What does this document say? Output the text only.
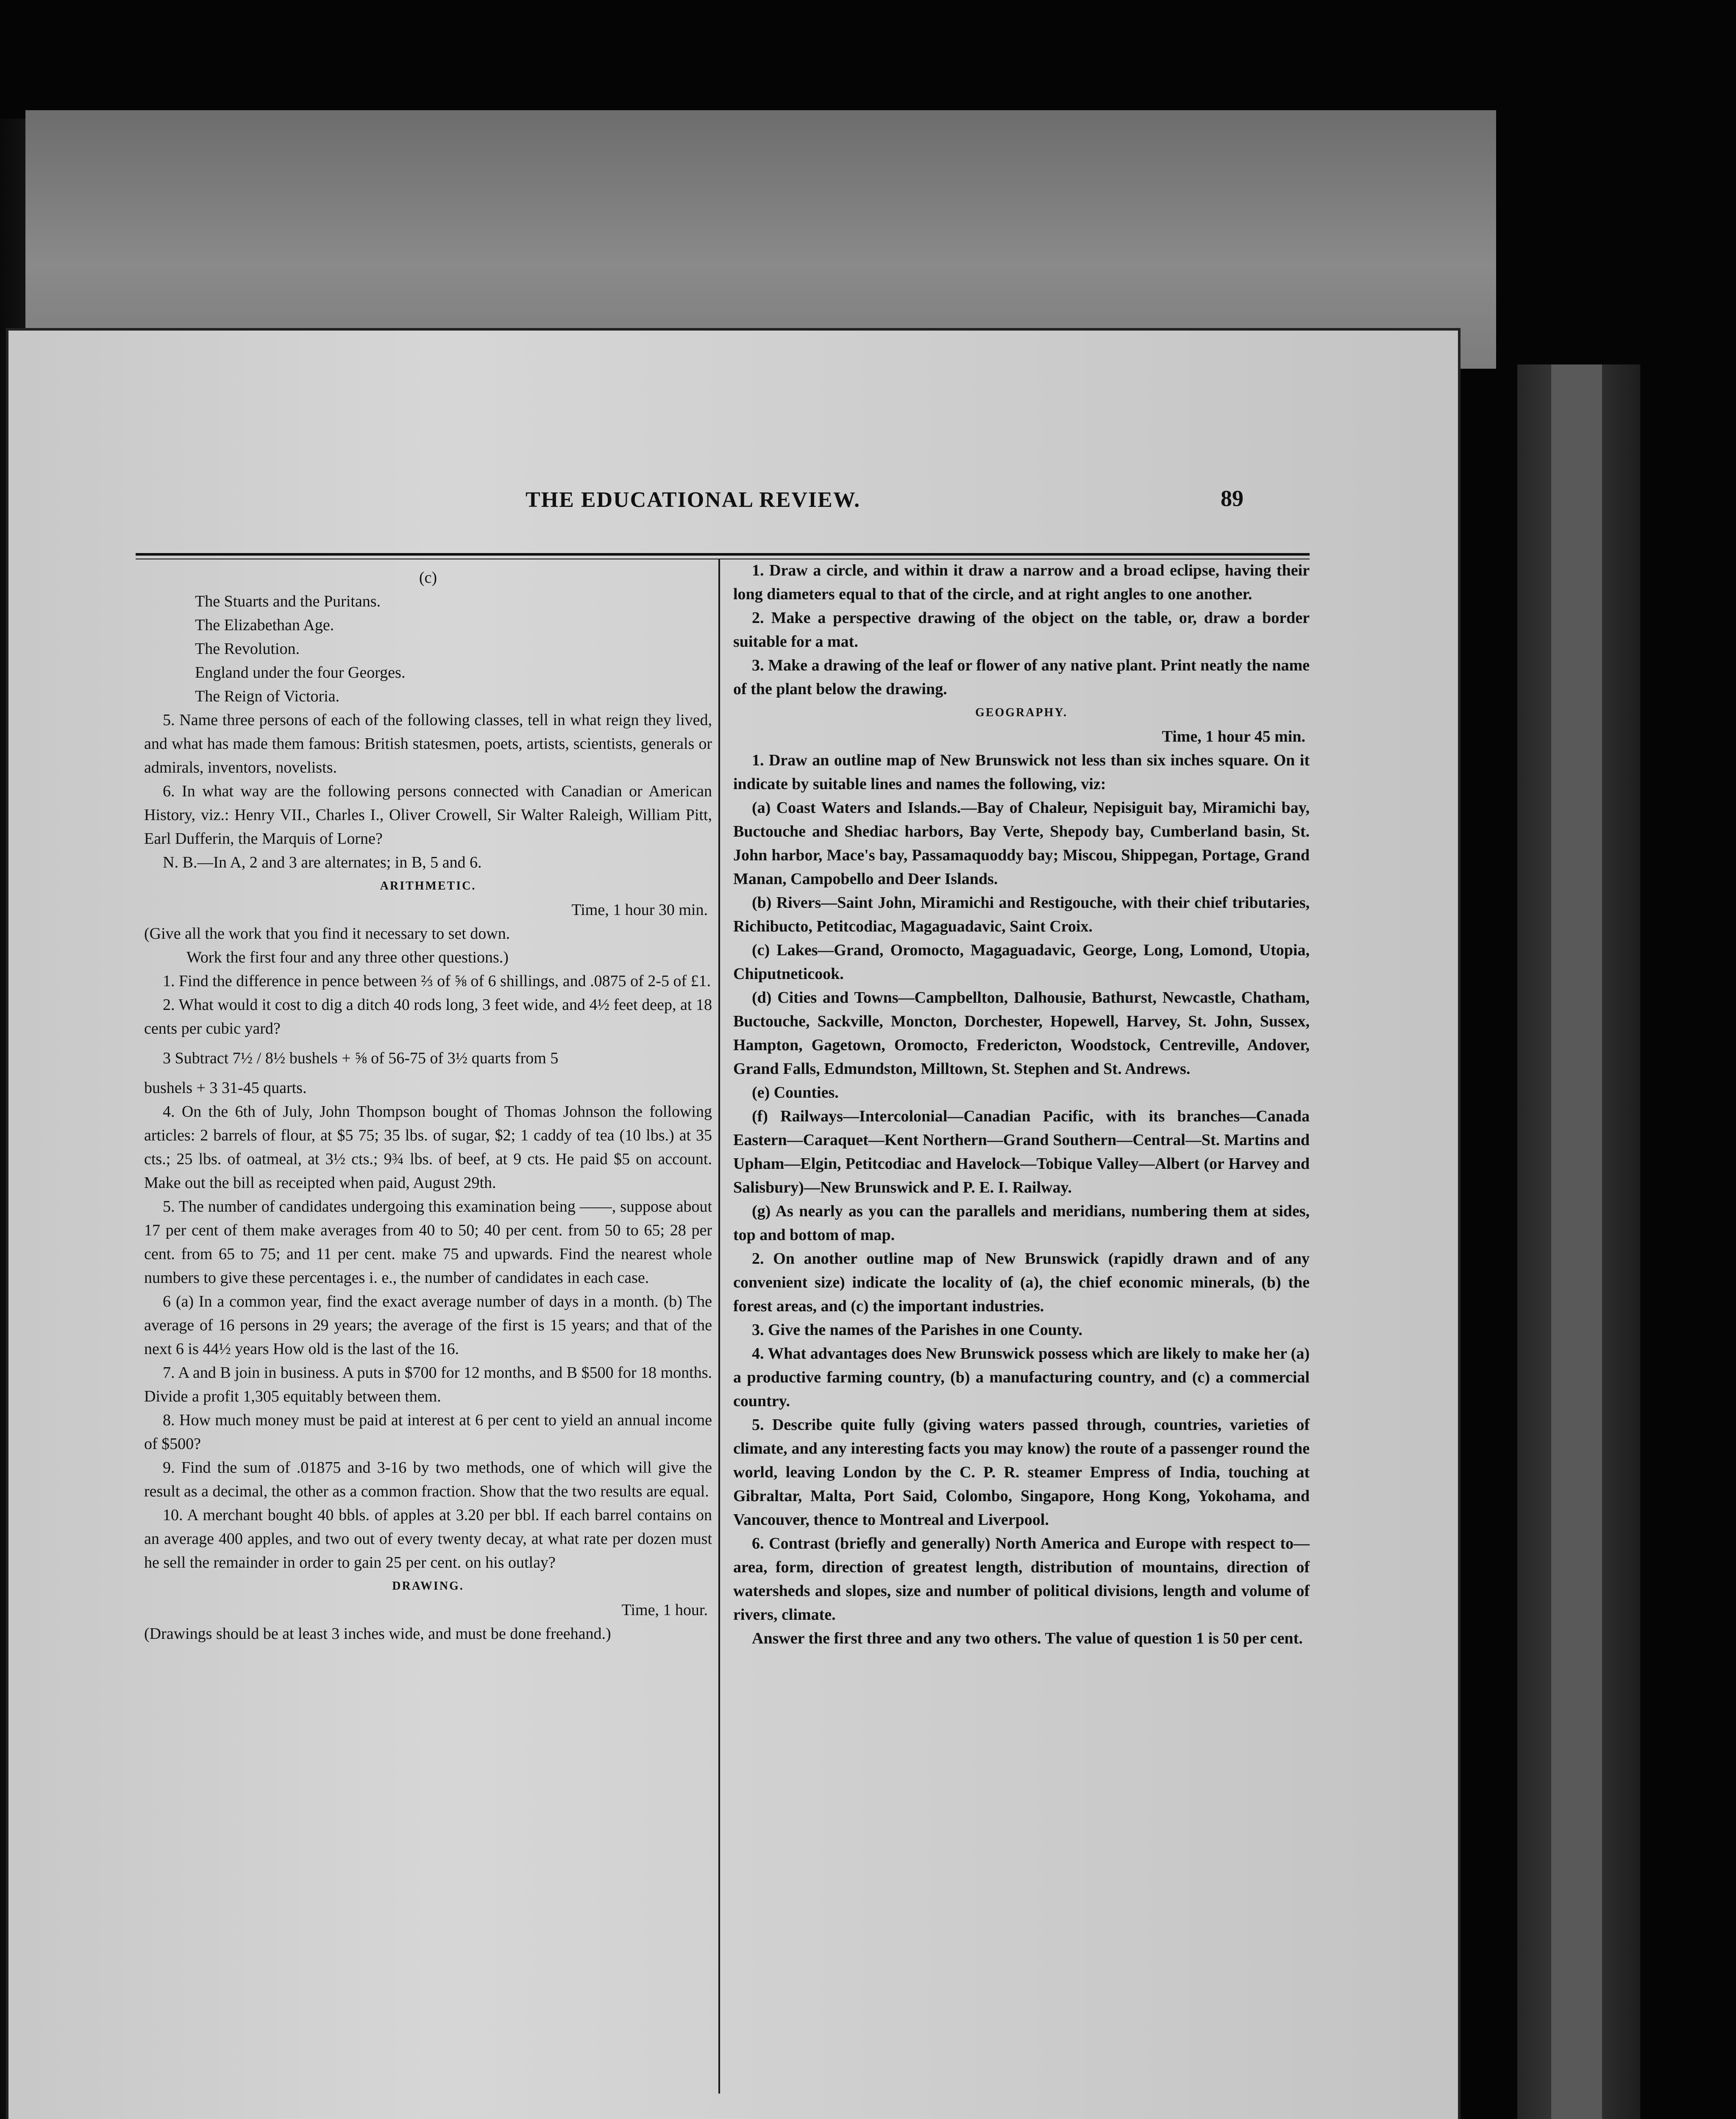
THE EDUCATIONAL REVIEW.	89

(c)

The Stuarts and the Puritans.

The Elizabethan Age.

The Revolution.

England under the four Georges.

The Reign of Victoria.

5. Name three persons of each of the following classes, tell in what reign they lived, and what has made them famous: British statesmen, poets, artists, scientists, generals or admirals, inventors, novelists.

6. In what way are the following persons connected with Canadian or American History, viz.: Henry VII., Charles I., Oliver Crowell, Sir Walter Raleigh, William Pitt, Earl Dufferin, the Marquis of Lorne?

N. B.—In A, 2 and 3 are alternates; in B, 5 and 6.

ARITHMETIC.

Time, 1 hour 30 min.

(Give all the work that you find it necessary to set down.

Work the first four and any three other questions.)

1. Find the difference in pence between ⅔ of ⅝ of 6 shillings, and .0875 of 2-5 of £1.

2. What would it cost to dig a ditch 40 rods long, 3 feet wide, and 4½ feet deep, at 18 cents per cubic yard?

3 Subtract 7½ / 8½ bushels + ⅝ of 56-75 of 3½ quarts from 5

bushels + 3 31-45 quarts.

4. On the 6th of July, John Thompson bought of Thomas Johnson the following articles: 2 barrels of flour, at $5 75; 35 lbs. of sugar, $2; 1 caddy of tea (10 lbs.) at 35 cts.; 25 lbs. of oatmeal, at 3½ cts.; 9¾ lbs. of beef, at 9 cts. He paid $5 on account. Make out the bill as receipted when paid, August 29th.

5. The number of candidates undergoing this examination being ——, suppose about 17 per cent of them make averages from 40 to 50; 40 per cent. from 50 to 65; 28 per cent. from 65 to 75; and 11 per cent. make 75 and upwards. Find the nearest whole numbers to give these percentages i. e., the number of candidates in each case.

6 (a) In a common year, find the exact average number of days in a month. (b) The average of 16 persons in 29 years; the average of the first is 15 years; and that of the next 6 is 44½ years How old is the last of the 16.

7. A and B join in business. A puts in $700 for 12 months, and B $500 for 18 months. Divide a profit 1,305 equitably between them.

8. How much money must be paid at interest at 6 per cent to yield an annual income of $500?

9. Find the sum of .01875 and 3-16 by two methods, one of which will give the result as a decimal, the other as a common fraction. Show that the two results are equal.

10. A merchant bought 40 bbls. of apples at 3.20 per bbl. If each barrel contains on an average 400 apples, and two out of every twenty decay, at what rate per dozen must he sell the remainder in order to gain 25 per cent. on his outlay?

DRAWING.

Time, 1 hour.

(Drawings should be at least 3 inches wide, and must be done freehand.)

1. Draw a circle, and within it draw a narrow and a broad eclipse, having their long diameters equal to that of the circle, and at right angles to one another.

2. Make a perspective drawing of the object on the table, or, draw a border suitable for a mat.

3. Make a drawing of the leaf or flower of any native plant. Print neatly the name of the plant below the drawing.

GEOGRAPHY.

Time, 1 hour 45 min.

1. Draw an outline map of New Brunswick not less than six inches square. On it indicate by suitable lines and names the following, viz:

(a) Coast Waters and Islands.—Bay of Chaleur, Nepisiguit bay, Miramichi bay, Buctouche and Shediac harbors, Bay Verte, Shepody bay, Cumberland basin, St. John harbor, Mace's bay, Passamaquoddy bay; Miscou, Shippegan, Portage, Grand Manan, Campobello and Deer Islands.

(b) Rivers—Saint John, Miramichi and Restigouche, with their chief tributaries, Richibucto, Petitcodiac, Magaguadavic, Saint Croix.

(c) Lakes—Grand, Oromocto, Magaguadavic, George, Long, Lomond, Utopia, Chiputneticook.

(d) Cities and Towns—Campbellton, Dalhousie, Bathurst, Newcastle, Chatham, Buctouche, Sackville, Moncton, Dorchester, Hopewell, Harvey, St. John, Sussex, Hampton, Gagetown, Oromocto, Fredericton, Woodstock, Centreville, Andover, Grand Falls, Edmundston, Milltown, St. Stephen and St. Andrews.

(e) Counties.

(f) Railways—Intercolonial—Canadian Pacific, with its branches—Canada Eastern—Caraquet—Kent Northern—Grand Southern—Central—St. Martins and Upham—Elgin, Petitcodiac and Havelock—Tobique Valley—Albert (or Harvey and Salisbury)—New Brunswick and P. E. I. Railway.

(g) As nearly as you can the parallels and meridians, numbering them at sides, top and bottom of map.

2. On another outline map of New Brunswick (rapidly drawn and of any convenient size) indicate the locality of (a), the chief economic minerals, (b) the forest areas, and (c) the important industries.

3. Give the names of the Parishes in one County.

4. What advantages does New Brunswick possess which are likely to make her (a) a productive farming country, (b) a manufacturing country, and (c) a commercial country.

5. Describe quite fully (giving waters passed through, countries, varieties of climate, and any interesting facts you may know) the route of a passenger round the world, leaving London by the C. P. R. steamer Empress of India, touching at Gibraltar, Malta, Port Said, Colombo, Singapore, Hong Kong, Yokohama, and Vancouver, thence to Montreal and Liverpool.

6. Contrast (briefly and generally) North America and Europe with respect to—area, form, direction of greatest length, distribution of mountains, direction of watersheds and slopes, size and number of political divisions, length and volume of rivers, climate.

Answer the first three and any two others. The value of question 1 is 50 per cent.
